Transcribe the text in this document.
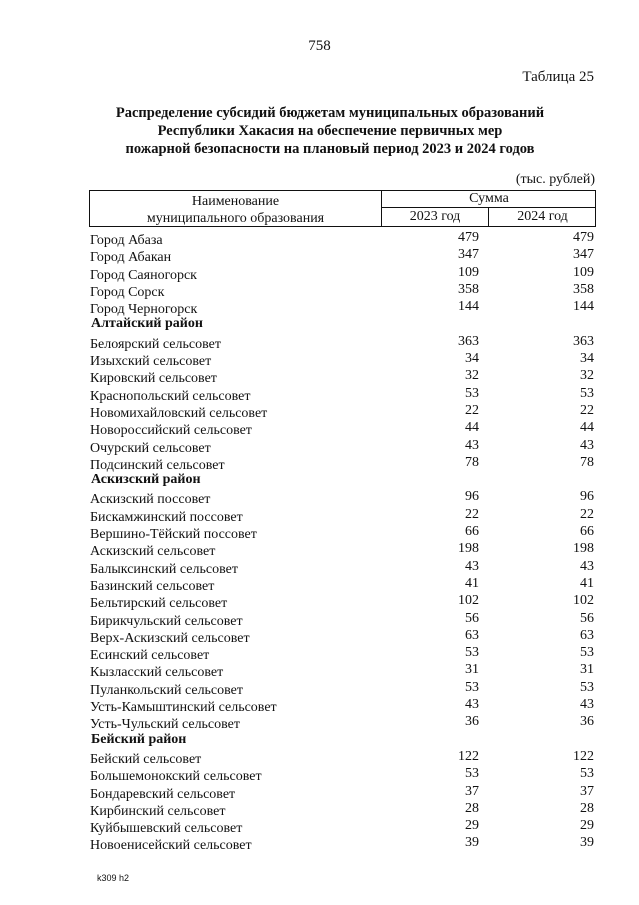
758
Таблица 25
Распределение субсидий бюджетам муниципальных образований
Республики Хакасия на обеспечение первичных мер
пожарной безопасности на плановый период 2023 и 2024 годов
(тыс. рублей)
Наименование
муниципального образования
Сумма
2023 год	2024 год
Город Абаза	479	479
Город Абакан	347	347
Город Саяногорск	109	109
Город Сорск	358	358
Город Черногорск	144	144
Алтайский район
Белоярский сельсовет	363	363
Изыхский сельсовет	34	34
Кировский сельсовет	32	32
Краснопольский сельсовет	53	53
Новомихайловский сельсовет	22	22
Новороссийский сельсовет	44	44
Очурский сельсовет	43	43
Подсинский сельсовет	78	78
Аскизский район
Аскизский поссовет	96	96
Бискамжинский поссовет	22	22
Вершино-Тёйский поссовет	66	66
Аскизский сельсовет	198	198
Балыксинский сельсовет	43	43
Базинский сельсовет	41	41
Бельтирский сельсовет	102	102
Бирикчульский сельсовет	56	56
Верх-Аскизский сельсовет	63	63
Есинский сельсовет	53	53
Кызласский сельсовет	31	31
Пуланкольский сельсовет	53	53
Усть-Камыштинский сельсовет	43	43
Усть-Чульский сельсовет	36	36
Бейский район
Бейский сельсовет	122	122
Большемонокский сельсовет	53	53
Бондаревский сельсовет	37	37
Кирбинский сельсовет	28	28
Куйбышевский сельсовет	29	29
Новоенисейский сельсовет	39	39
k309 h2
